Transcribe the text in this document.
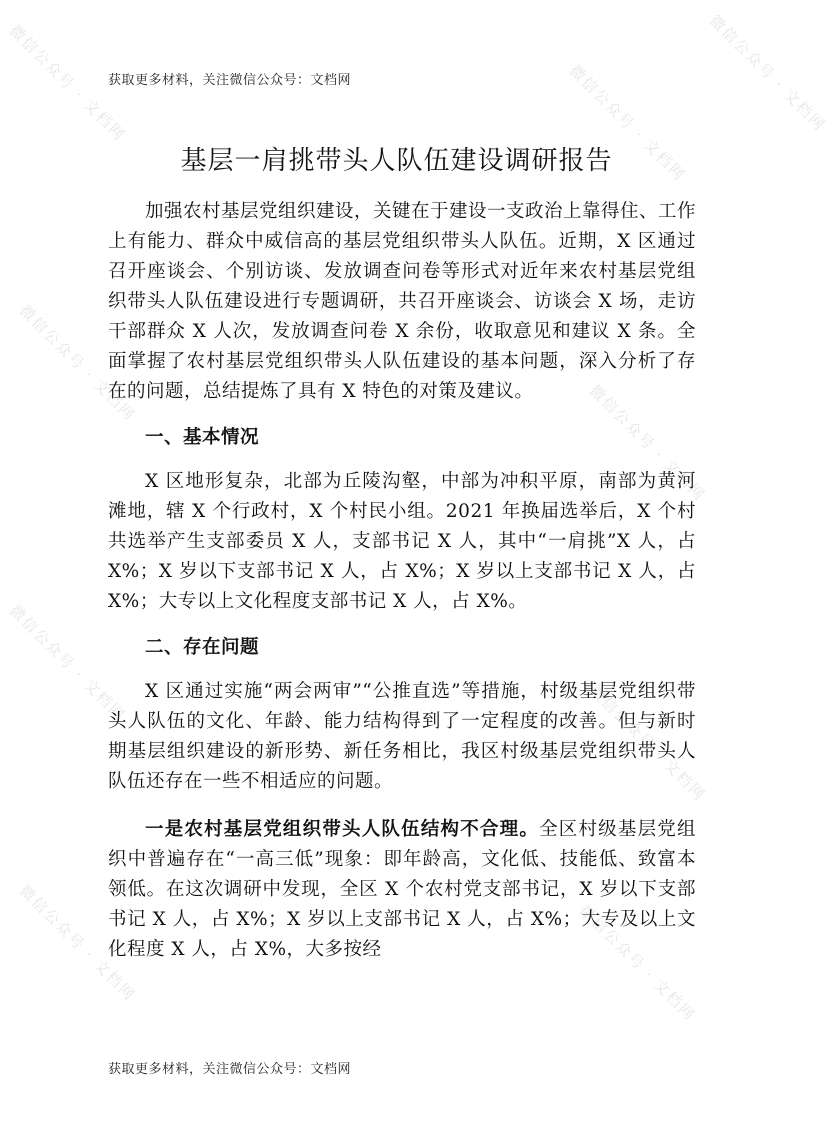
微信公众号 · 文档网	微信公众号 · 文档网 微信公众号 · 文档网
微信公众号 · 文档网
微信公众号 · 文档网
微信公众号 · 文档网
微信公众号 · 文档网
微信公众号 · 文档网	微信公众号 · 文档网
获取更多材料，关注微信公众号：文档网
基层一肩挑带头人队伍建设调研报告

加强农村基层党组织建设，关键在于建设一支政治上靠得住、工作上有能力、群众中威信高的基层党组织带头人队伍。近期，X 区通过召开座谈会、个别访谈、发放调查问卷等形式对近年来农村基层党组织带头人队伍建设进行专题调研，共召开座谈会、访谈会 X 场，走访干部群众 X 人次，发放调查问卷 X 余份，收取意见和建议 X 条。全面掌握了农村基层党组织带头人队伍建设的基本问题，深入分析了存在的问题，总结提炼了具有 X 特色的对策及建议。

一、基本情况

X 区地形复杂，北部为丘陵沟壑，中部为冲积平原，南部为黄河滩地，辖 X 个行政村，X 个村民小组。2021 年换届选举后，X 个村共选举产生支部委员 X 人，支部书记 X 人，其中“一肩挑”X 人，占 X%；X 岁以下支部书记 X 人，占 X%；X 岁以上支部书记 X 人，占 X%；大专以上文化程度支部书记 X 人，占 X%。

二、存在问题

X 区通过实施“两会两审”“公推直选”等措施，村级基层党组织带头人队伍的文化、年龄、能力结构得到了一定程度的改善。但与新时期基层组织建设的新形势、新任务相比，我区村级基层党组织带头人队伍还存在一些不相适应的问题。

一是农村基层党组织带头人队伍结构不合理。全区村级基层党组织中普遍存在“一高三低”现象：即年龄高，文化低、技能低、致富本领低。在这次调研中发现，全区 X 个农村党支部书记，X 岁以下支部书记 X 人，占 X%；X 岁以上支部书记 X 人，占 X%；大专及以上文化程度 X 人，占 X%，大多按经

获取更多材料，关注微信公众号：文档网
